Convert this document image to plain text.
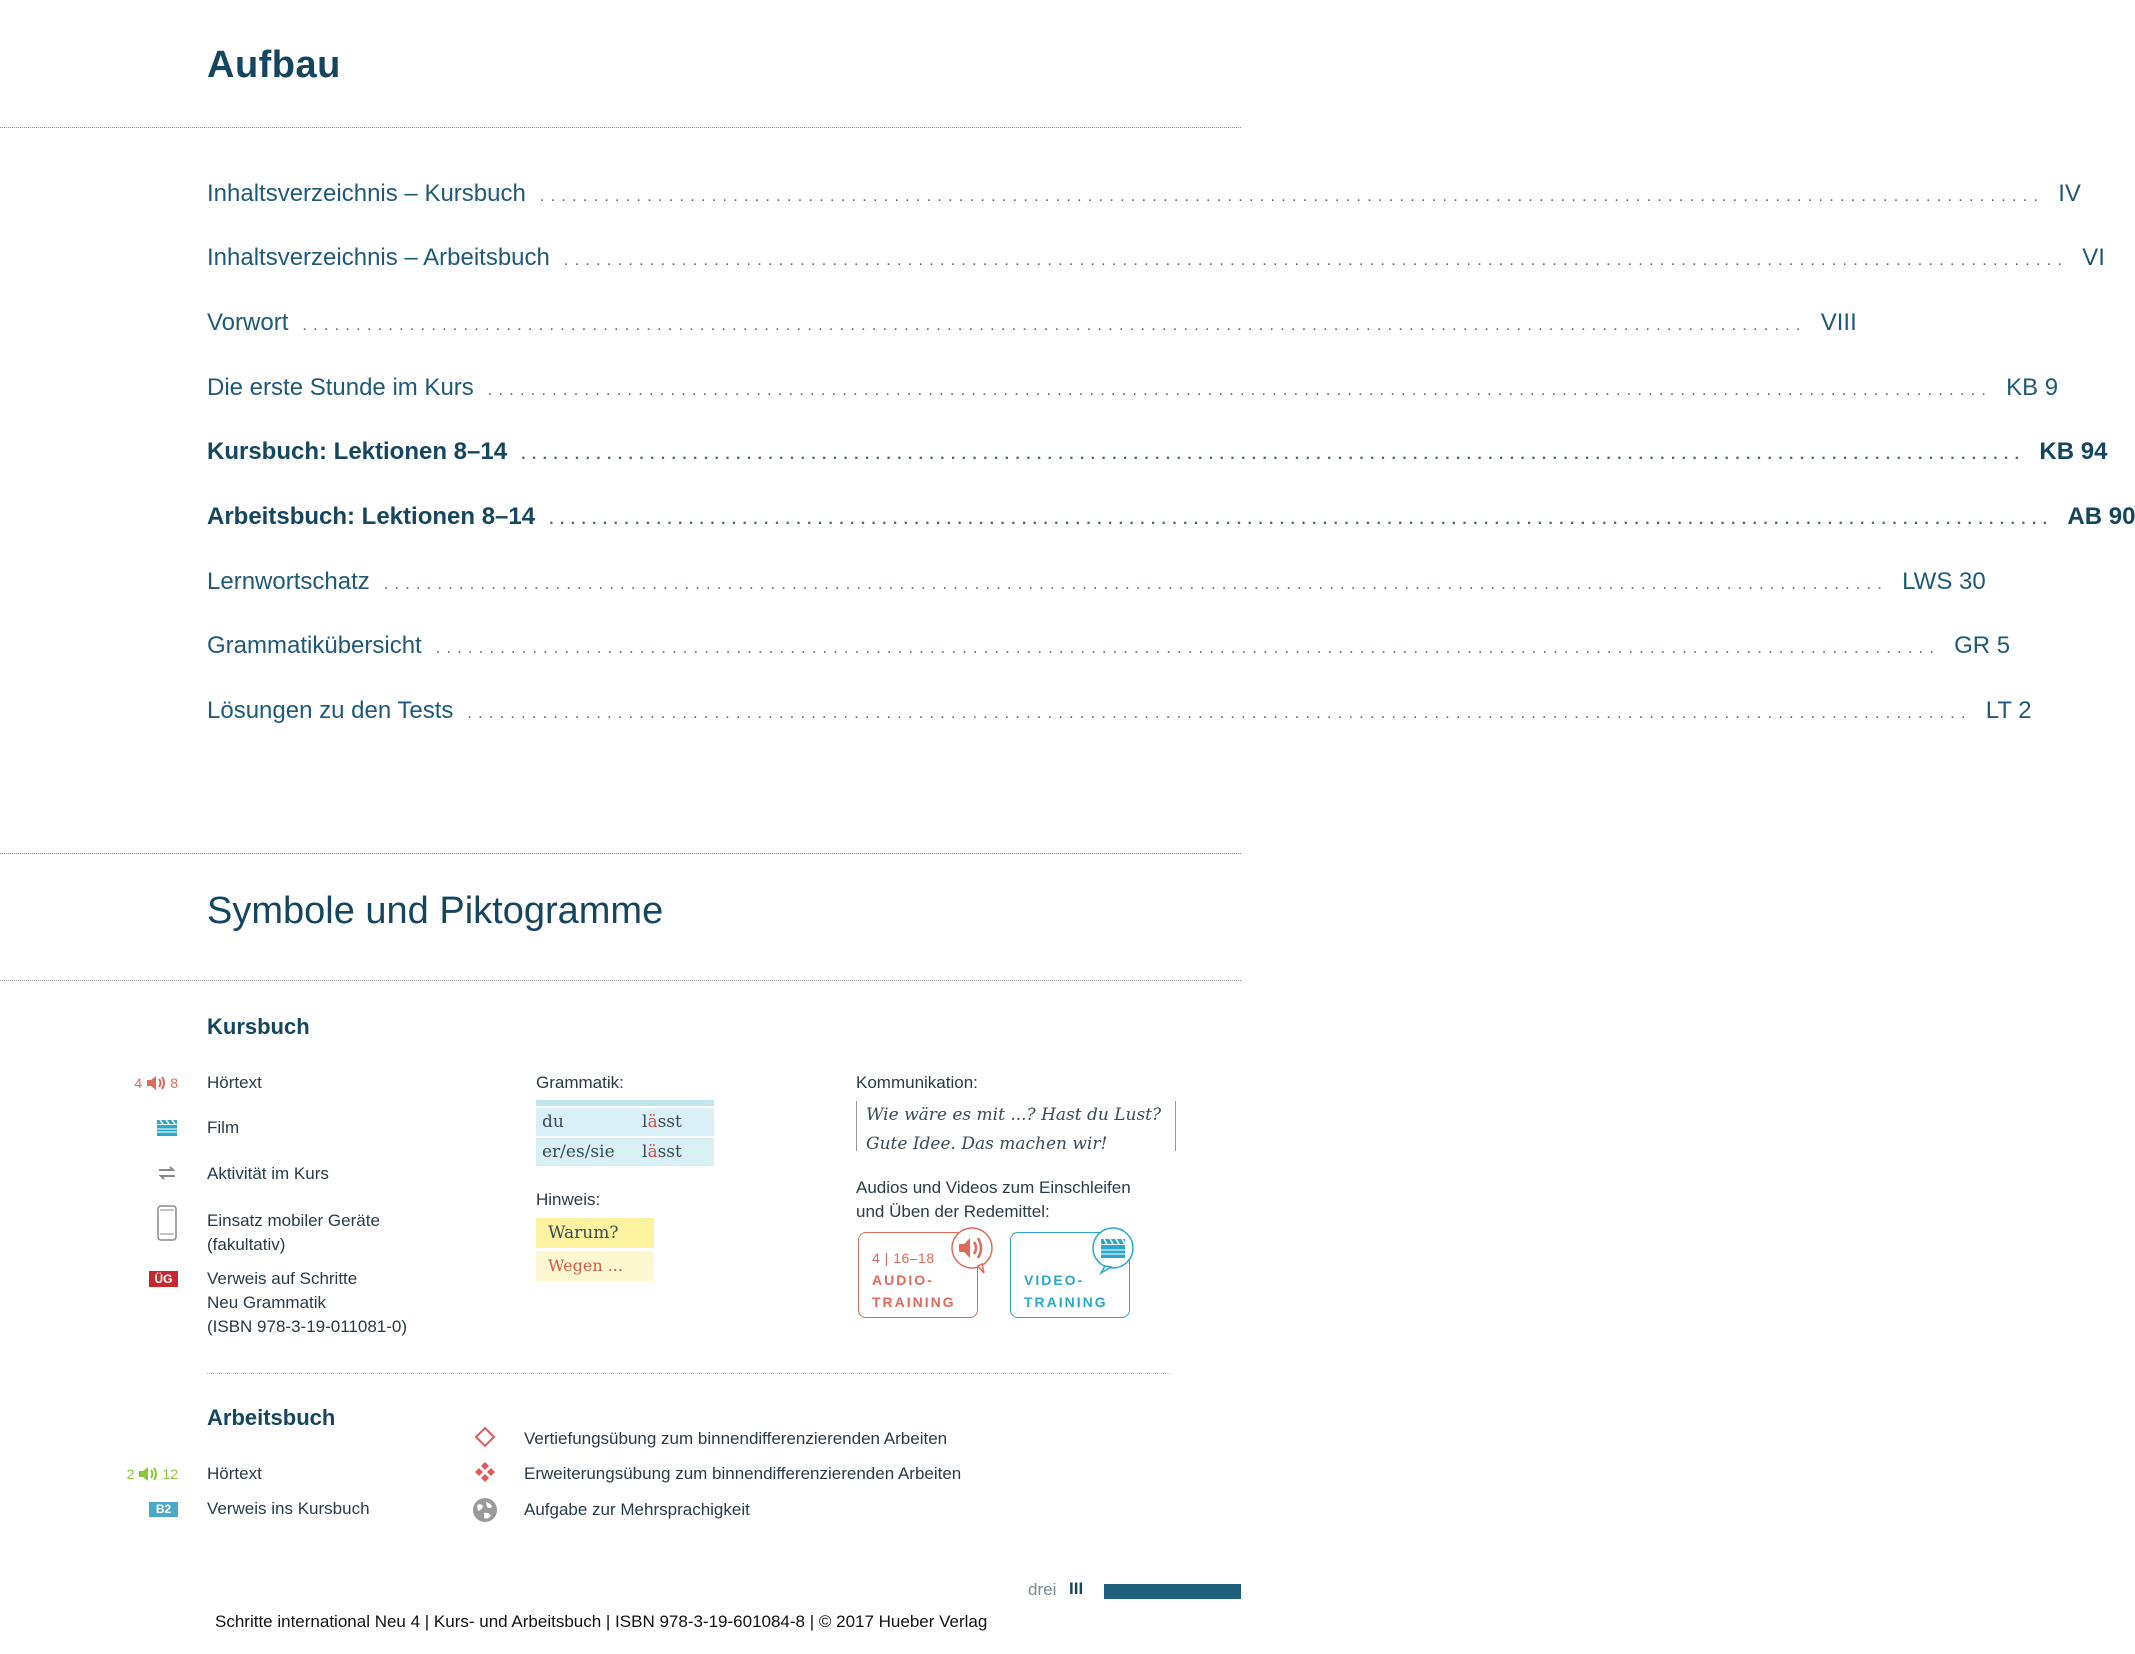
Aufbau
Inhaltsverzeichnis – Kursbuch ............................................................................................................................................ IV
Inhaltsverzeichnis – Arbeitsbuch ............................................................................................................................................ VI
Vorwort ............................................................................................................................................ VIII
Die erste Stunde im Kurs ............................................................................................................................................ KB 9
Kursbuch: Lektionen 8–14 ............................................................................................................................................ KB 94
Arbeitsbuch: Lektionen 8–14 ............................................................................................................................................ AB 90
Lernwortschatz ............................................................................................................................................ LWS 30
Grammatikübersicht ............................................................................................................................................ GR 5
Lösungen zu den Tests ............................................................................................................................................ LT 2
Symbole und Piktogramme
Kursbuch
4 8 Hörtext
Film
Aktivität im Kurs
Einsatz mobiler Geräte
(fakultativ)
ÜG	Verweis auf Schritte
Neu Grammatik
(ISBN 978-3-19-011081-0)
Grammatik:
du	lässt
er/es/sie	lässt
Hinweis:
Warum?
Wegen ...
Kommunikation:
Wie wäre es mit ...? Hast du Lust?
Gute Idee. Das machen wir!
Audios und Videos zum Einschleifen
und Üben der Redemittel:
4 | 16–18
AUDIO-
TRAINING
VIDEO-
TRAINING
Arbeitsbuch
2 12 Hörtext
B2	Verweis ins Kursbuch
Vertiefungsübung zum binnendifferenzierenden Arbeiten
Erweiterungsübung zum binnendifferenzierenden Arbeiten
Aufgabe zur Mehrsprachigkeit
drei III
Schritte international Neu 4 | Kurs- und Arbeitsbuch | ISBN 978-3-19-601084-8 | © 2017 Hueber Verlag
